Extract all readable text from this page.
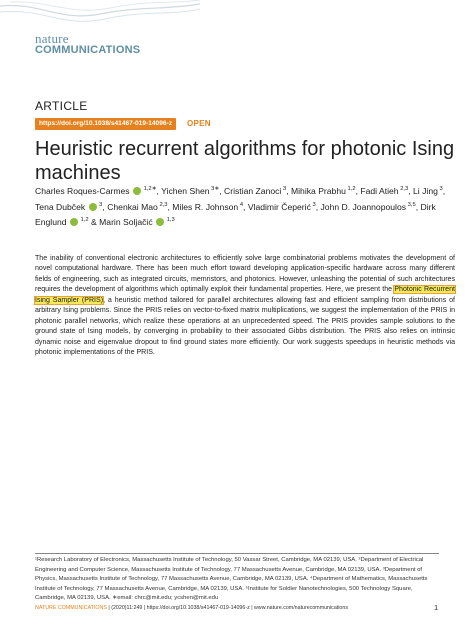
nature
COMMUNICATIONS
ARTICLE
https://doi.org/10.1038/s41467-019-14096-z	OPEN
Heuristic recurrent algorithms for photonic Ising machines
Charles Roques-Carmes  $^{1,2∗}$, Yichen Shen $^{3∗}$, Cristian Zanoci $^3$, Mihika Prabhu $^{1,2}$, Fadi Atieh $^{2,3}$, Li Jing $^3$, Tena Dubček  $^3$, Chenkai Mao $^{2,3}$, Miles R. Johnson $^4$, Vladimir Čeperić $^3$, John D. Joannopoulos $^{3,5}$, Dirk Englund  $^{1,2}$ & Marin Soljačić  $^{1,3}$
The inability of conventional electronic architectures to efficiently solve large combinatorial problems motivates the development of novel computational hardware. There has been much effort toward developing application-specific hardware across many different fields of engineering, such as integrated circuits, memristors, and photonics. However, unleashing the potential of such architectures requires the development of algorithms which optimally exploit their fundamental properties. Here, we present the Photonic Recurrent Ising Sampler (PRIS), a heuristic method tailored for parallel architectures allowing fast and efficient sampling from distributions of arbitrary Ising problems. Since the PRIS relies on vector-to-fixed matrix multiplications, we suggest the implementation of the PRIS in photonic parallel networks, which realize these operations at an unprecedented speed. The PRIS provides sample solutions to the ground state of Ising models, by converging in probability to their associated Gibbs distribution. The PRIS also relies on intrinsic dynamic noise and eigenvalue dropout to find ground states more efficiently. Our work suggests speedups in heuristic methods via photonic implementations of the PRIS.
¹Research Laboratory of Electronics, Massachusetts Institute of Technology, 50 Vassar Street, Cambridge, MA 02139, USA. ²Department of Electrical Engineering and Computer Science, Massachusetts Institute of Technology, 77 Massachusetts Avenue, Cambridge, MA 02139, USA. ³Department of Physics, Massachusetts Institute of Technology, 77 Massachusetts Avenue, Cambridge, MA 02139, USA. ⁴Department of Mathematics, Massachusetts Institute of Technology, 77 Massachusetts Avenue, Cambridge, MA 02139, USA. ⁵Institute for Soldier Nanotechnologies, 500 Technology Square, Cambridge, MA 02139, USA. ∗email: chrc@mit.edu; ycshen@mit.edu
NATURE COMMUNICATIONS | (2020)11:249 | https://doi.org/10.1038/s41467-019-14096-z | www.nature.com/naturecommunications	1
